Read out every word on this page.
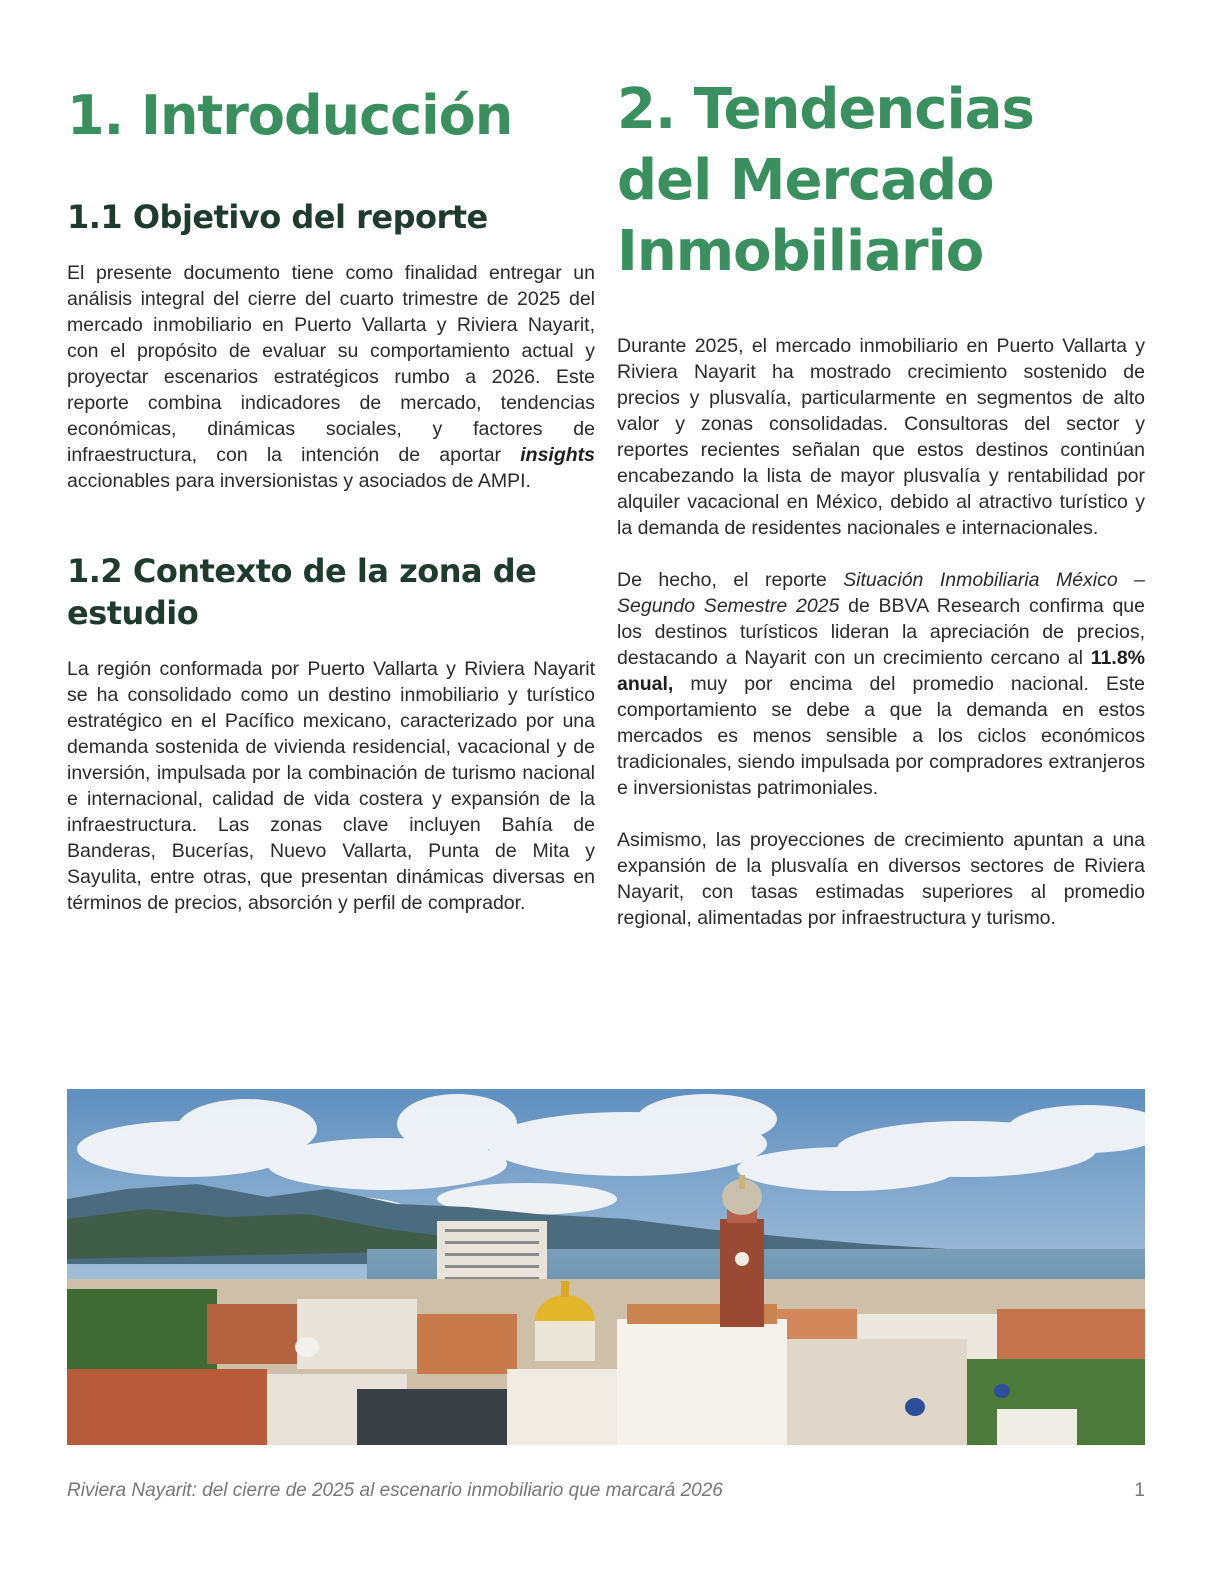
1. Introducción
1.1 Objetivo del reporte

El presente documento tiene como finalidad entregar un análisis integral del cierre del cuarto trimestre de 2025 del mercado inmobiliario en Puerto Vallarta y Riviera Nayarit, con el propósito de evaluar su comportamiento actual y proyectar escenarios estratégicos rumbo a 2026. Este reporte combina indicadores de mercado, tendencias económicas, dinámicas sociales, y factores de infraestructura, con la intención de aportar insights accionables para inversionistas y asociados de AMPI.

1.2 Contexto de la zona de estudio

La región conformada por Puerto Vallarta y Riviera Nayarit se ha consolidado como un destino inmobiliario y turístico estratégico en el Pacífico mexicano, caracterizado por una demanda sostenida de vivienda residencial, vacacional y de inversión, impulsada por la combinación de turismo nacional e internacional, calidad de vida costera y expansión de la infraestructura. Las zonas clave incluyen Bahía de Banderas, Bucerías, Nuevo Vallarta, Punta de Mita y Sayulita, entre otras, que presentan dinámicas diversas en términos de precios, absorción y perfil de comprador.

2. Tendencias del Mercado Inmobiliario

Durante 2025, el mercado inmobiliario en Puerto Vallarta y Riviera Nayarit ha mostrado crecimiento sostenido de precios y plusvalía, particularmente en segmentos de alto valor y zonas consolidadas. Consultoras del sector y reportes recientes señalan que estos destinos continúan encabezando la lista de mayor plusvalía y rentabilidad por alquiler vacacional en México, debido al atractivo turístico y la demanda de residentes nacionales e internacionales.

De hecho, el reporte Situación Inmobiliaria México – Segundo Semestre 2025 de BBVA Research confirma que los destinos turísticos lideran la apreciación de precios, destacando a Nayarit con un crecimiento cercano al 11.8% anual, muy por encima del promedio nacional. Este comportamiento se debe a que la demanda en estos mercados es menos sensible a los ciclos económicos tradicionales, siendo impulsada por compradores extranjeros e inversionistas patrimoniales.

Asimismo, las proyecciones de crecimiento apuntan a una expansión de la plusvalía en diversos sectores de Riviera Nayarit, con tasas estimadas superiores al promedio regional, alimentadas por infraestructura y turismo.

Riviera Nayarit: del cierre de 2025 al escenario inmobiliario que marcará 2026	1
